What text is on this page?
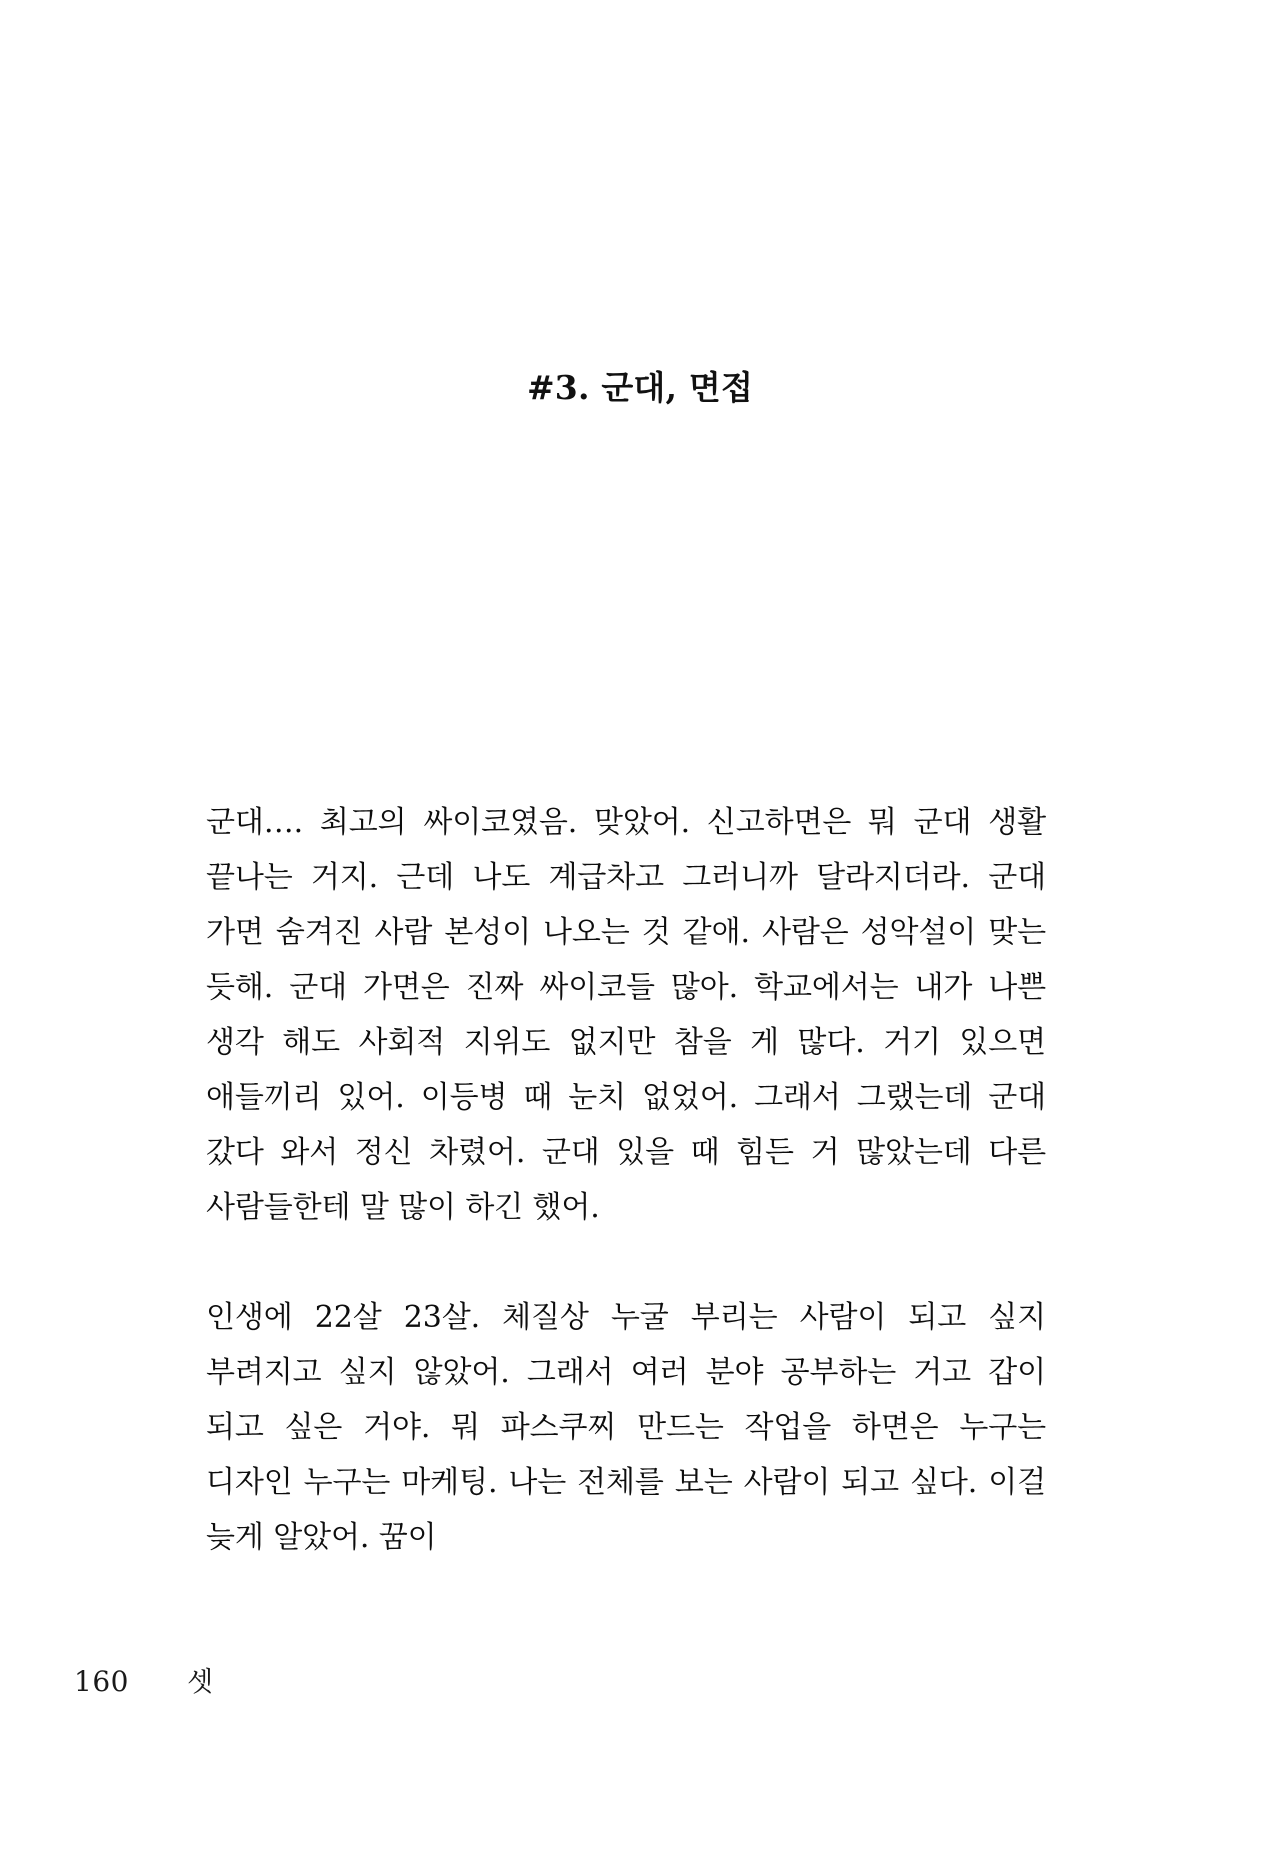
#3. 군대, 면접

군대…. 최고의 싸이코였음. 맞았어. 신고하면은 뭐 군대 생활 끝나는 거지. 근데 나도 계급차고 그러니까 달라지더라. 군대 가면 숨겨진 사람 본성이 나오는 것 같애. 사람은 성악설이 맞는 듯해. 군대 가면은 진짜 싸이코들 많아. 학교에서는 내가 나쁜 생각 해도 사회적 지위도 없지만 참을 게 많다. 거기 있으면 애들끼리 있어. 이등병 때 눈치 없었어. 그래서 그랬는데 군대 갔다 와서 정신 차렸어. 군대 있을 때 힘든 거 많았는데 다른 사람들한테 말 많이 하긴 했어.

인생에 22살 23살. 체질상 누굴 부리는 사람이 되고 싶지 부려지고 싶지 않았어. 그래서 여러 분야 공부하는 거고 갑이 되고 싶은 거야. 뭐 파스쿠찌 만드는 작업을 하면은 누구는 디자인 누구는 마케팅. 나는 전체를 보는 사람이 되고 싶다. 이걸 늦게 알았어. 꿈이

160 셋
